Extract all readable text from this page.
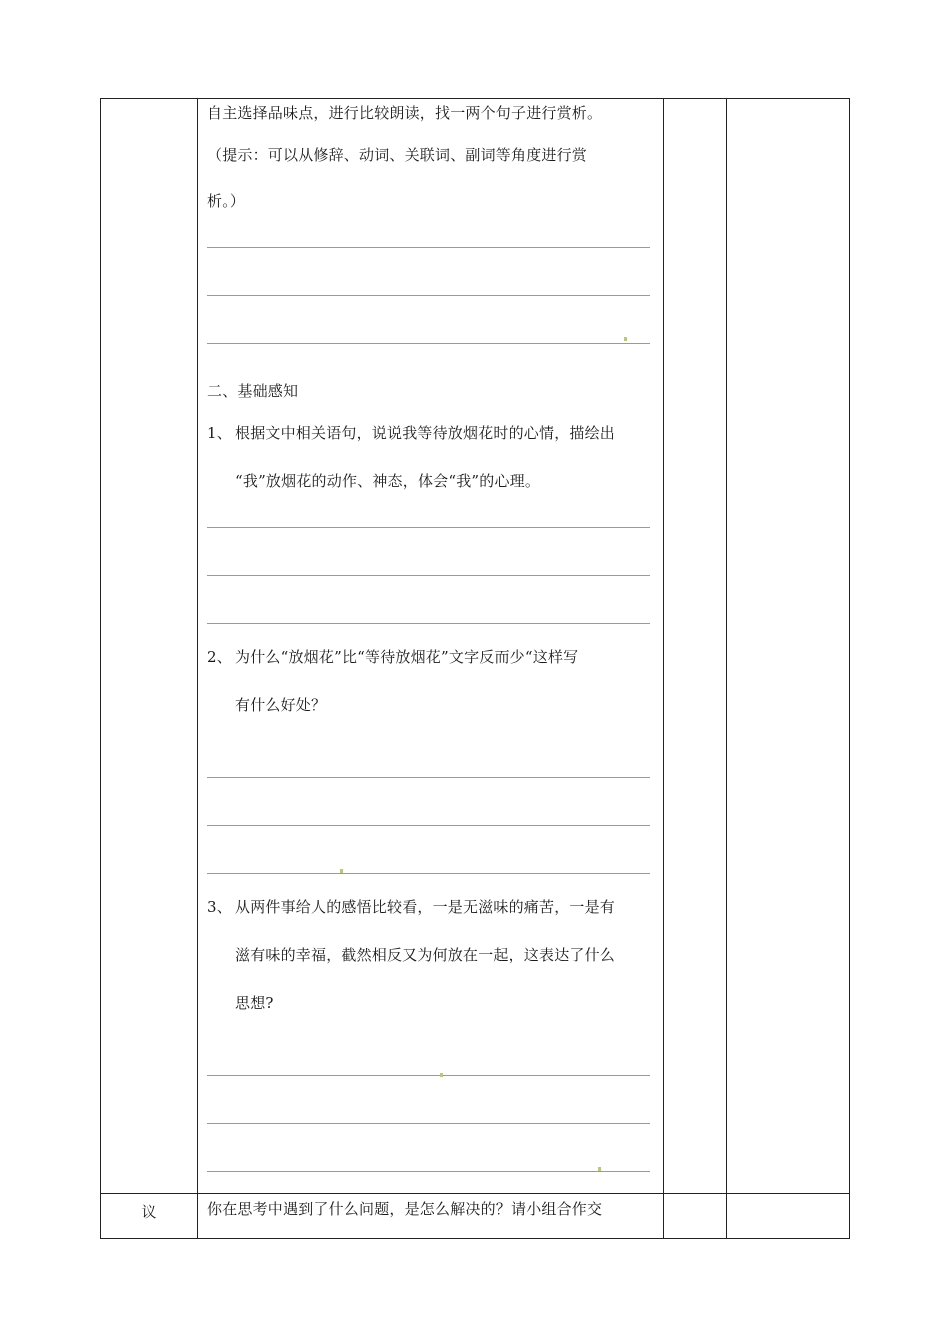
自主选择品味点，进行比较朗读，找一两个句子进行赏析。
（提示：可以从修辞、动词、关联词、副词等角度进行赏
析。）
二、基础感知
1、 根据文中相关语句，说说我等待放烟花时的心情，描绘出
“我”放烟花的动作、神态，体会“我”的心理。
2、 为什么“放烟花”比“等待放烟花”文字反而少“这样写
有什么好处？
3、 从两件事给人的感悟比较看，一是无滋味的痛苦，一是有
滋有味的幸福，截然相反又为何放在一起，这表达了什么
思想?
议	你在思考中遇到了什么问题，是怎么解决的？请小组合作交
